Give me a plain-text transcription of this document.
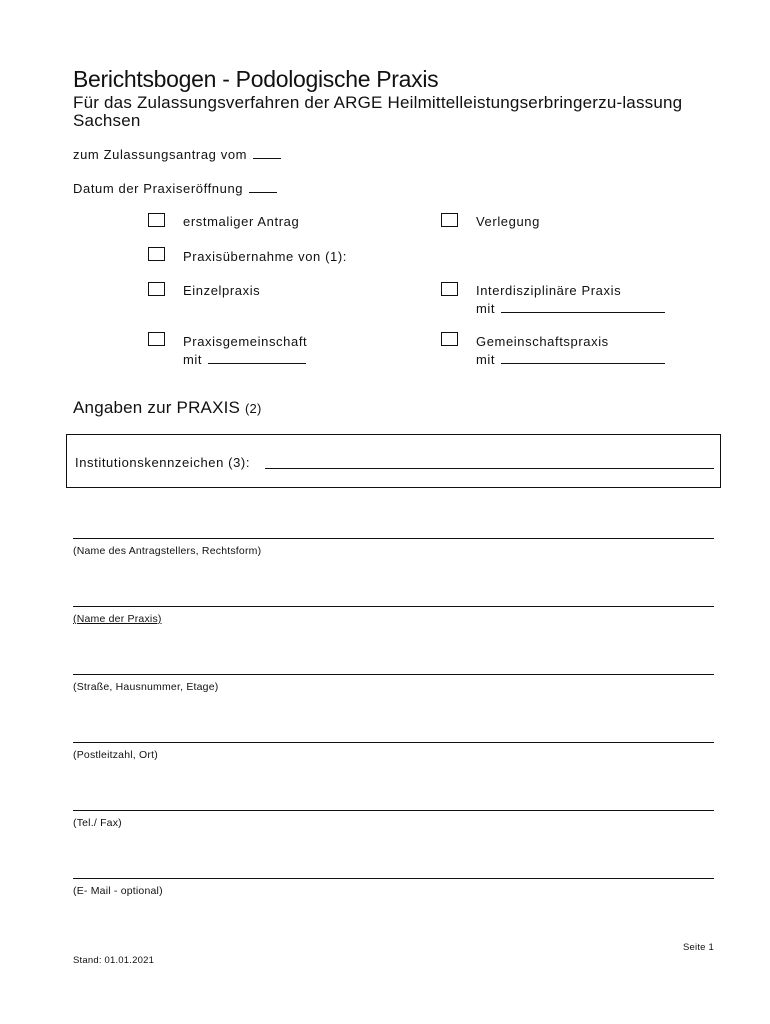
Berichtsbogen - Podologische Praxis
Für das Zulassungsverfahren der ARGE Heilmittelleistungserbringerzu-lassung Sachsen
zum Zulassungsantrag vom
Datum der Praxiseröffnung
erstmaliger Antrag	Verlegung
Praxisübernahme von (1):
Einzelpraxis	Interdisziplinäre Praxis
mit
Praxisgemeinschaft
mit
Gemeinschaftspraxis
mit
Angaben zur PRAXIS (2)
Institutionskennzeichen (3):
(Name des Antragstellers, Rechtsform)
(Name der Praxis)
(Straße, Hausnummer, Etage)
(Postleitzahl, Ort)
(Tel./ Fax)
(E- Mail - optional)
Seite 1
Stand: 01.01.2021
